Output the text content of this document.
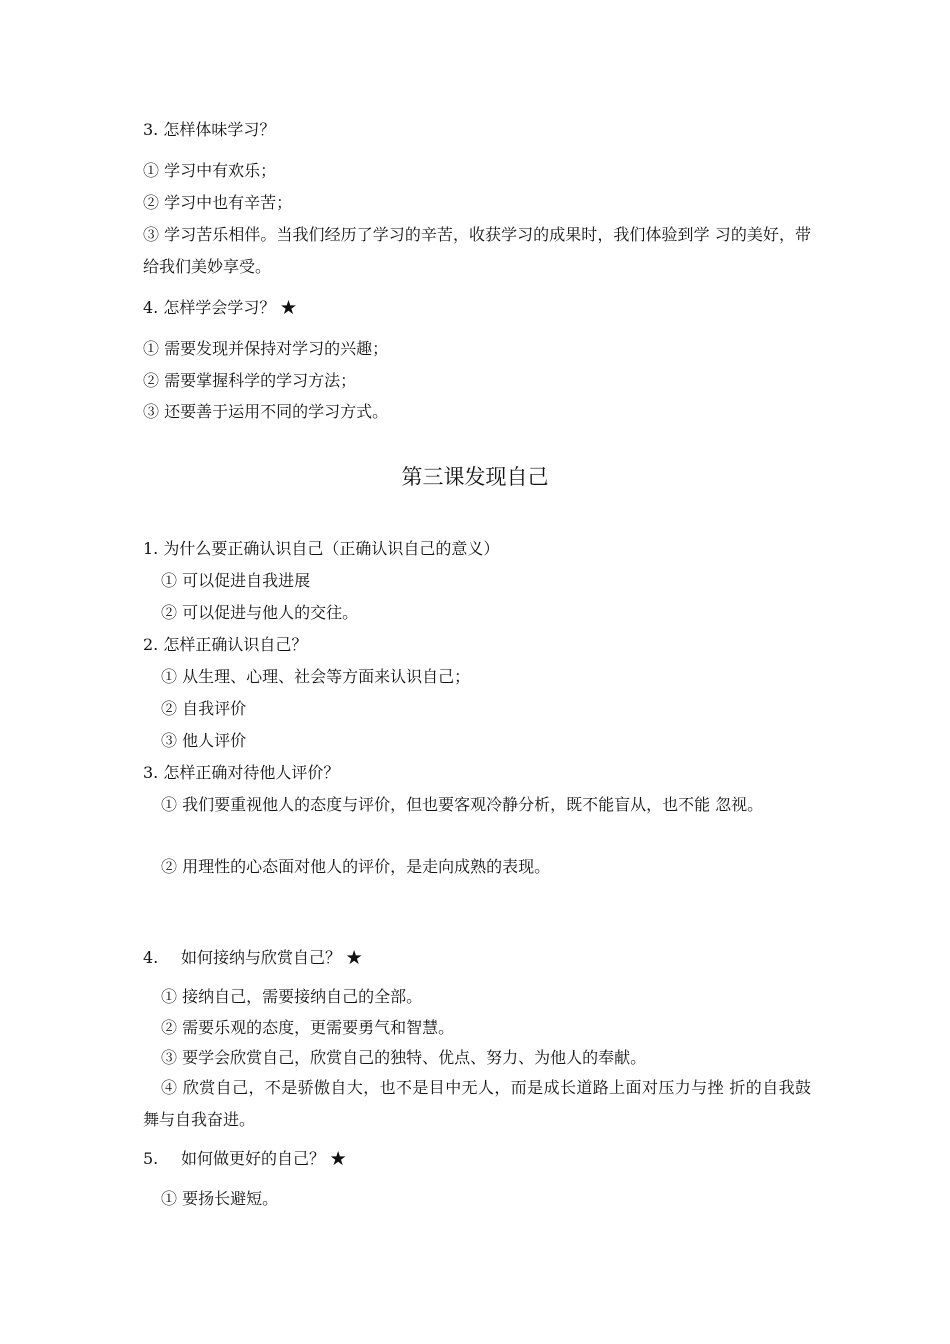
3. 怎样体味学习？
① 学习中有欢乐；
② 学习中也有辛苦；
③ 学习苦乐相伴。当我们经历了学习的辛苦，收获学习的成果时，我们体验到学 习的美好，带给我们美妙享受。
4. 怎样学会学习？ ★
① 需要发现并保持对学习的兴趣；
② 需要掌握科学的学习方法；
③ 还要善于运用不同的学习方式。
第三课发现自己
1. 为什么要正确认识自己（正确认识自己的意义）
① 可以促进自我进展
② 可以促进与他人的交往。
2. 怎样正确认识自己？
① 从生理、心理、社会等方面来认识自己；
② 自我评价
③ 他人评价
3. 怎样正确对待他人评价？
① 我们要重视他人的态度与评价，但也要客观冷静分析，既不能盲从，也不能 忽视。
② 用理性的心态面对他人的评价，是走向成熟的表现。
4. 如何接纳与欣赏自己？ ★
① 接纳自己，需要接纳自己的全部。
② 需要乐观的态度，更需要勇气和智慧。
③ 要学会欣赏自己，欣赏自己的独特、优点、努力、为他人的奉献。
④ 欣赏自己，不是骄傲自大，也不是目中无人，而是成长道路上面对压力与挫 折的自我鼓舞与自我奋进。
5. 如何做更好的自己？ ★
① 要扬长避短。
